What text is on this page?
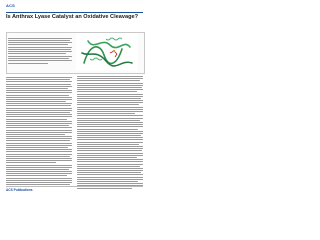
ACS
Is Anthrax Lyase Catalyst an Oxidative Cleavage?
ACS Publications
